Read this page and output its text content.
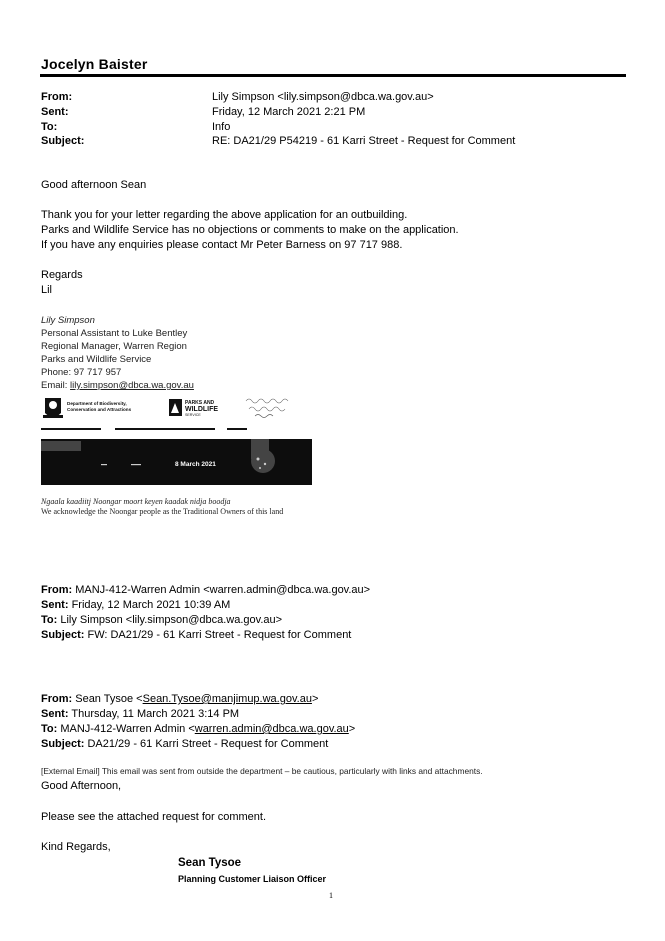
Jocelyn Baister
From:	Lily Simpson <lily.simpson@dbca.wa.gov.au>
Sent:	Friday, 12 March 2021 2:21 PM
To:	Info
Subject:	RE: DA21/29 P54219 - 61 Karri Street - Request for Comment
Good afternoon Sean
Thank you for your letter regarding the above application for an outbuilding.
Parks and Wildlife Service has no objections or comments to make on the application.
If you have any enquiries please contact Mr Peter Barness on 97 717 988.
Regards
Lil
Lily Simpson
Personal Assistant to Luke Bentley
Regional Manager, Warren Region
Parks and Wildlife Service
Phone: 97 717 957
Email: lily.simpson@dbca.wa.gov.au
Department of Biodiversity,
Conservation and Attractions
PARKS AND
WILDLIFE
SERVICE
8 March 2021
Ngaala kaadiitj Noongar moort keyen kaadak nidja boodja
We acknowledge the Noongar people as the Traditional Owners of this land
From: MANJ-412-Warren Admin <warren.admin@dbca.wa.gov.au>
Sent: Friday, 12 March 2021 10:39 AM
To: Lily Simpson <lily.simpson@dbca.wa.gov.au>
Subject: FW: DA21/29 - 61 Karri Street - Request for Comment
From: Sean Tysoe <Sean.Tysoe@manjimup.wa.gov.au>
Sent: Thursday, 11 March 2021 3:14 PM
To: MANJ-412-Warren Admin <warren.admin@dbca.wa.gov.au>
Subject: DA21/29 - 61 Karri Street - Request for Comment
[External Email] This email was sent from outside the department – be cautious, particularly with links and attachments.
Good Afternoon,
Please see the attached request for comment.
Kind Regards,
Sean Tysoe
Planning Customer Liaison Officer
1
